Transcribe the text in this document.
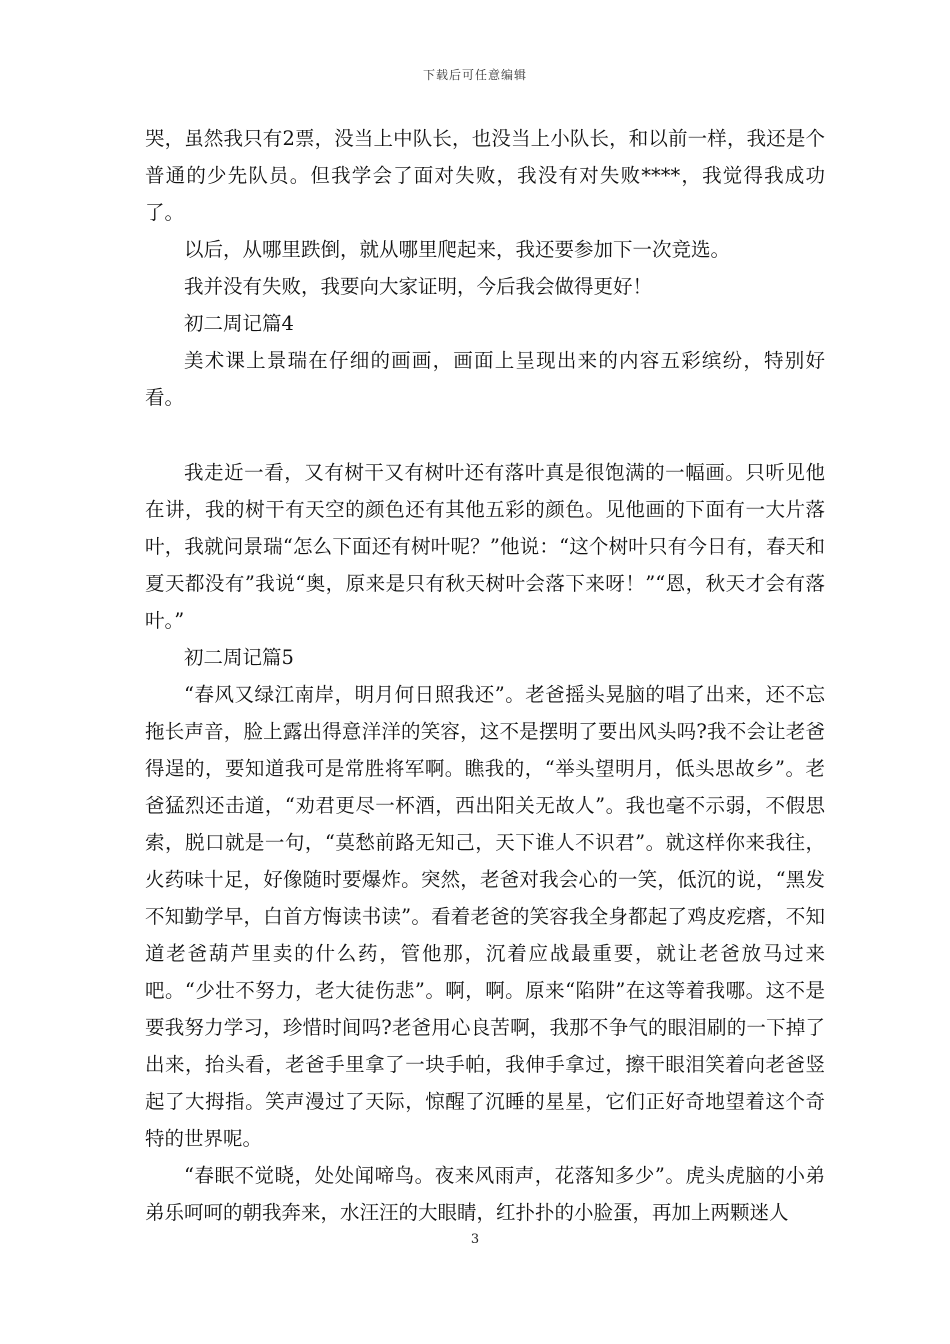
下载后可任意编辑

哭，虽然我只有2票，没当上中队长，也没当上小队长，和以前一样，我还是个普通的少先队员。但我学会了面对失败，我没有对失败****，我觉得我成功了。

以后，从哪里跌倒，就从哪里爬起来，我还要参加下一次竞选。

我并没有失败，我要向大家证明，今后我会做得更好！

初二周记篇4

美术课上景瑞在仔细的画画，画面上呈现出来的内容五彩缤纷，特别好看。

我走近一看，又有树干又有树叶还有落叶真是很饱满的一幅画。只听见他在讲，我的树干有天空的颜色还有其他五彩的颜色。见他画的下面有一大片落叶，我就问景瑞“怎么下面还有树叶呢？”他说：“这个树叶只有今日有，春天和夏天都没有”我说“奥，原来是只有秋天树叶会落下来呀！”“恩，秋天才会有落叶。”

初二周记篇5

“春风又绿江南岸，明月何日照我还”。老爸摇头晃脑的唱了出来，还不忘拖长声音，脸上露出得意洋洋的笑容，这不是摆明了要出风头吗?我不会让老爸得逞的，要知道我可是常胜将军啊。瞧我的，“举头望明月，低头思故乡”。老爸猛烈还击道，“劝君更尽一杯酒，西出阳关无故人”。我也毫不示弱，不假思索，脱口就是一句，“莫愁前路无知己，天下谁人不识君”。就这样你来我往，火药味十足，好像随时要爆炸。突然，老爸对我会心的一笑，低沉的说，“黑发不知勤学早，白首方悔读书读”。看着老爸的笑容我全身都起了鸡皮疙瘩，不知道老爸葫芦里卖的什么药，管他那，沉着应战最重要，就让老爸放马过来吧。“少壮不努力，老大徒伤悲”。啊，啊。原来“陷阱”在这等着我哪。这不是要我努力学习，珍惜时间吗?老爸用心良苦啊，我那不争气的眼泪刷的一下掉了出来，抬头看，老爸手里拿了一块手帕，我伸手拿过，擦干眼泪笑着向老爸竖起了大拇指。笑声漫过了天际，惊醒了沉睡的星星，它们正好奇地望着这个奇特的世界呢。

“春眠不觉晓，处处闻啼鸟。夜来风雨声，花落知多少”。虎头虎脑的小弟弟乐呵呵的朝我奔来，水汪汪的大眼睛，红扑扑的小脸蛋，再加上两颗迷人

3
